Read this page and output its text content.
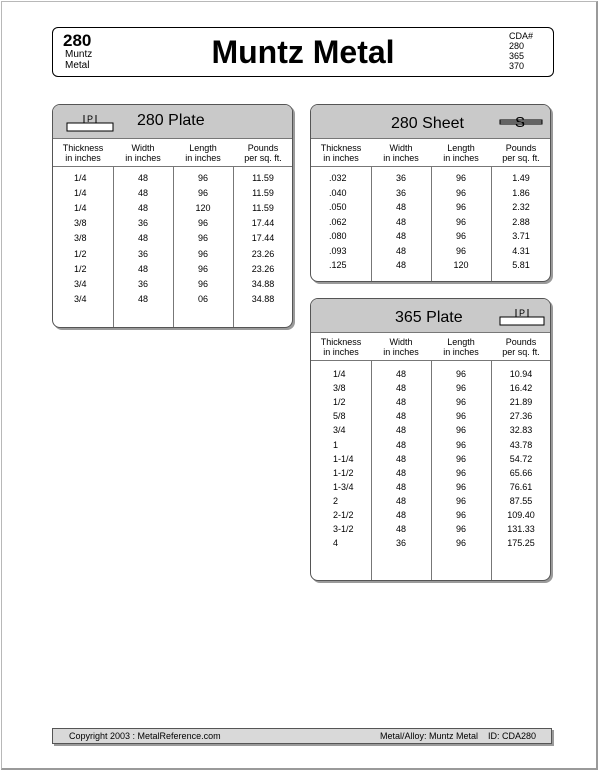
280
Muntz
Metal	Muntz Metal	CDA#
280
365
370
P	280 Plate
Thickness
in inches
Width
in inches
Length
in inches
Pounds
per sq. ft.
1/4	48	96	11.59
1/4	48	96	11.59
1/4	48	120	11.59
3/8	36	96	17.44
3/8	48	96	17.44
1/2	36	96	23.26
1/2	48	96	23.26
3/4	36	96	34.88
3/4	48	06	34.88
280 Sheet	S
Thickness
in inches
Width
in inches
Length
in inches
Pounds
per sq. ft.
.032	36	96	1.49
.040	36	96	1.86
.050	48	96	2.32
.062	48	96	2.88
.080	48	96	3.71
.093	48	96	4.31
.125	48	120	5.81
365 Plate	P
Thickness
in inches
Width
in inches
Length
in inches
Pounds
per sq. ft.
1/4	48	96	10.94
3/8	48	96	16.42
1/2	48	96	21.89
5/8	48	96	27.36
3/4	48	96	32.83
1	48	96	43.78
1-1/4	48	96	54.72
1-1/2	48	96	65.66
1-3/4	48	96	76.61
2	48	96	87.55
2-1/2	48	96	109.40
3-1/2	48	96	131.33
4	36	96	175.25
Copyright 2003 : MetalReference.com	Metal/Alloy: Muntz Metal ID: CDA280
